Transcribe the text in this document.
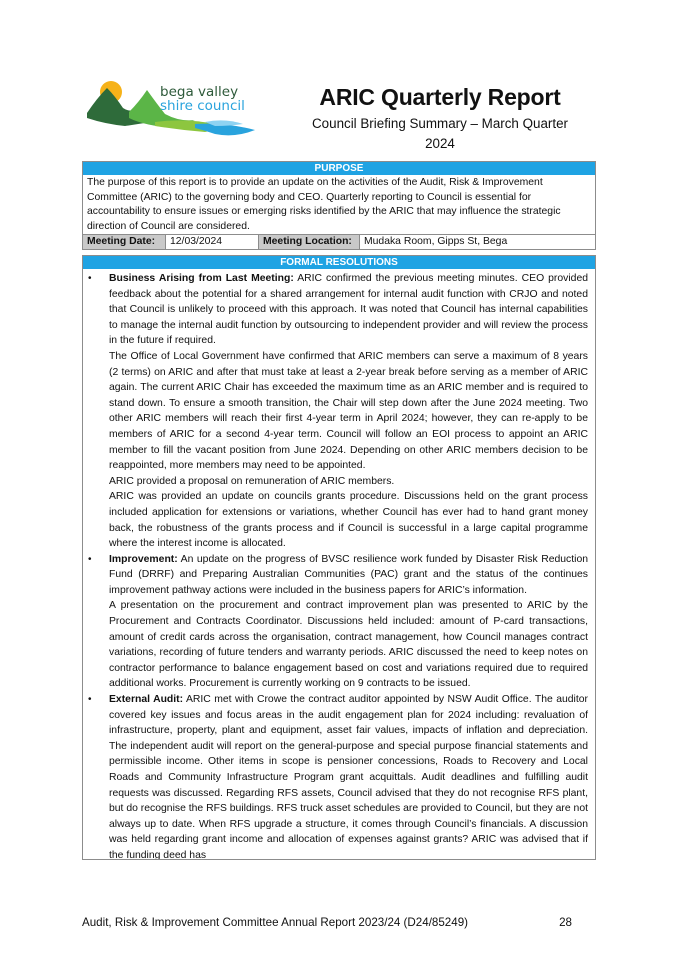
bega valley
shire council	ARIC Quarterly Report
Council Briefing Summary – March Quarter
2024
PURPOSE
The purpose of this report is to provide an update on the activities of the Audit, Risk & Improvement Committee (ARIC) to the governing body and CEO. Quarterly reporting to Council is essential for accountability to ensure issues or emerging risks identified by the ARIC that may influence the strategic direction of Council are considered.
Meeting Date:	12/03/2024	Meeting Location:	Mudaka Room, Gipps St, Bega
FORMAL RESOLUTIONS
• Business Arising from Last Meeting: ARIC confirmed the previous meeting minutes. CEO provided feedback about the potential for a shared arrangement for internal audit function with CRJO and noted that Council is unlikely to proceed with this approach. It was noted that Council has internal capabilities to manage the internal audit function by outsourcing to independent provider and will review the process in the future if required.

The Office of Local Government have confirmed that ARIC members can serve a maximum of 8 years (2 terms) on ARIC and after that must take at least a 2-year break before serving as a member of ARIC again. The current ARIC Chair has exceeded the maximum time as an ARIC member and is required to stand down. To ensure a smooth transition, the Chair will step down after the June 2024 meeting. Two other ARIC members will reach their first 4-year term in April 2024; however, they can re-apply to be members of ARIC for a second 4-year term. Council will follow an EOI process to appoint an ARIC member to fill the vacant position from June 2024. Depending on other ARIC members decision to be reappointed, more members may need to be appointed.

ARIC provided a proposal on remuneration of ARIC members.

ARIC was provided an update on councils grants procedure. Discussions held on the grant process included application for extensions or variations, whether Council has ever had to hand grant money back, the robustness of the grants process and if Council is successful in a large capital programme where the interest income is allocated.

• Improvement: An update on the progress of BVSC resilience work funded by Disaster Risk Reduction Fund (DRRF) and Preparing Australian Communities (PAC) grant and the status of the continues improvement pathway actions were included in the business papers for ARIC’s information.

A presentation on the procurement and contract improvement plan was presented to ARIC by the Procurement and Contracts Coordinator. Discussions held included: amount of P-card transactions, amount of credit cards across the organisation, contract management, how Council manages contract variations, recording of future tenders and warranty periods. ARIC discussed the need to keep notes on contractor performance to balance engagement based on cost and variations required due to required additional works. Procurement is currently working on 9 contracts to be issued.

• External Audit: ARIC met with Crowe the contract auditor appointed by NSW Audit Office. The auditor covered key issues and focus areas in the audit engagement plan for 2024 including: revaluation of infrastructure, property, plant and equipment, asset fair values, impacts of inflation and depreciation. The independent audit will report on the general-purpose and special purpose financial statements and permissible income. Other items in scope is pensioner concessions, Roads to Recovery and Local Roads and Community Infrastructure Program grant acquittals. Audit deadlines and fulfilling audit requests was discussed. Regarding RFS assets, Council advised that they do not recognise RFS plant, but do recognise the RFS buildings. RFS truck asset schedules are provided to Council, but they are not always up to date. When RFS upgrade a structure, it comes through Council’s financials. A discussion was held regarding grant income and allocation of expenses against grants? ARIC was advised that if the funding deed has

Audit, Risk & Improvement Committee Annual Report 2023/24 (D24/85249)	28
